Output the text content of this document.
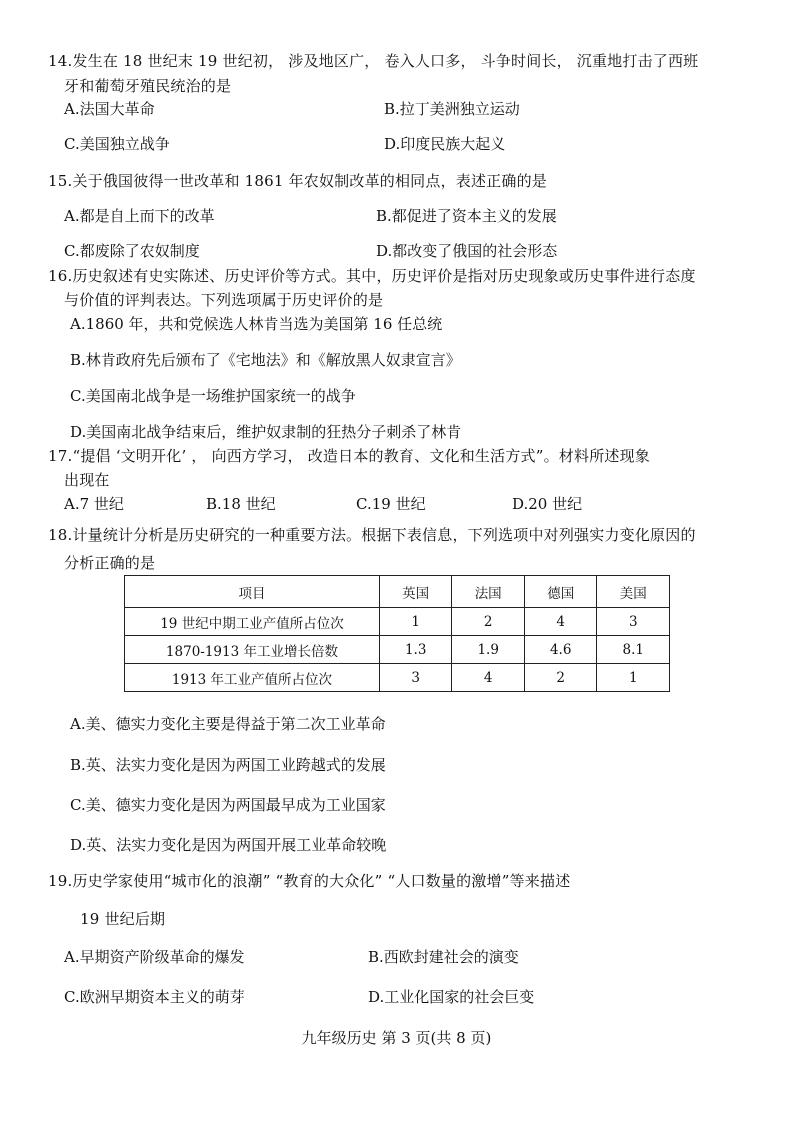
14.发生在 18 世纪末 19 世纪初， 涉及地区广， 卷入人口多， 斗争时间长， 沉重地打击了西班
牙和葡萄牙殖民统治的是
A.法国大革命	B.拉丁美洲独立运动
C.美国独立战争	D.印度民族大起义
15.关于俄国彼得一世改革和 1861 年农奴制改革的相同点，表述正确的是
A.都是自上而下的改革	B.都促进了资本主义的发展
C.都废除了农奴制度	D.都改变了俄国的社会形态
16.历史叙述有史实陈述、历史评价等方式。其中，历史评价是指对历史现象或历史事件进行态度
与价值的评判表达。下列选项属于历史评价的是
A.1860 年，共和党候选人林肯当选为美国第 16 任总统
B.林肯政府先后颁布了《宅地法》和《解放黑人奴隶宣言》
C.美国南北战争是一场维护国家统一的战争
D.美国南北战争结束后，维护奴隶制的狂热分子刺杀了林肯
17.“提倡 ‘文明开化’ ， 向西方学习， 改造日本的教育、文化和生活方式”。材料所述现象
出现在
A.7 世纪	B.18 世纪	C.19 世纪	D.20 世纪
18.计量统计分析是历史研究的一种重要方法。根据下表信息，下列选项中对列强实力变化原因的
分析正确的是
项目	英国	法国	德国	美国
19 世纪中期工业产值所占位次	1	2	4	3
1870-1913 年工业增长倍数	1.3	1.9	4.6	8.1
1913 年工业产值所占位次	3	4	2	1
A.美、德实力变化主要是得益于第二次工业革命
B.英、法实力变化是因为两国工业跨越式的发展
C.美、德实力变化是因为两国最早成为工业国家
D.英、法实力变化是因为两国开展工业革命较晚
19.历史学家使用“城市化的浪潮” “教育的大众化” “人口数量的激增”等来描述
19 世纪后期
A.早期资产阶级革命的爆发	B.西欧封建社会的演变
C.欧洲早期资本主义的萌芽	D.工业化国家的社会巨变
九年级历史 第 3 页(共 8 页)
